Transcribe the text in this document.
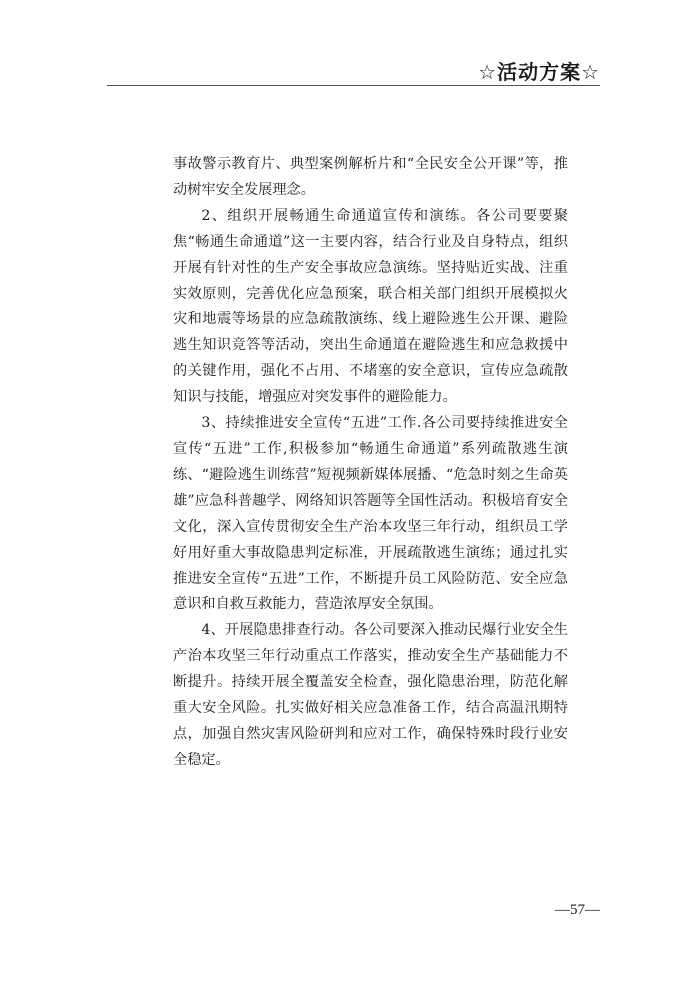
☆活动方案☆

事故警示教育片、典型案例解析片和“全民安全公开课”等，推动树牢安全发展理念。

2、组织开展畅通生命通道宣传和演练。各公司要要聚焦“畅通生命通道”这一主要内容，结合行业及自身特点，组织开展有针对性的生产安全事故应急演练。坚持贴近实战、注重实效原则，完善优化应急预案，联合相关部门组织开展模拟火灾和地震等场景的应急疏散演练、线上避险逃生公开课、避险逃生知识竞答等活动，突出生命通道在避险逃生和应急救援中的关键作用，强化不占用、不堵塞的安全意识，宣传应急疏散知识与技能，增强应对突发事件的避险能力。

3、持续推进安全宣传“五进”工作.各公司要持续推进安全宣传“五进”工作,积极参加“畅通生命通道”系列疏散逃生演练、“避险逃生训练营”短视频新媒体展播、“危急时刻之生命英雄”应急科普趣学、网络知识答题等全国性活动。积极培育安全文化，深入宣传贯彻安全生产治本攻坚三年行动，组织员工学好用好重大事故隐患判定标准，开展疏散逃生演练；通过扎实推进安全宣传“五进”工作，不断提升员工风险防范、安全应急意识和自救互救能力，营造浓厚安全氛围。

4、开展隐患排查行动。各公司要深入推动民爆行业安全生产治本攻坚三年行动重点工作落实，推动安全生产基础能力不断提升。持续开展全覆盖安全检查，强化隐患治理，防范化解重大安全风险。扎实做好相关应急准备工作，结合高温汛期特点，加强自然灾害风险研判和应对工作，确保特殊时段行业安全稳定。

—57—
